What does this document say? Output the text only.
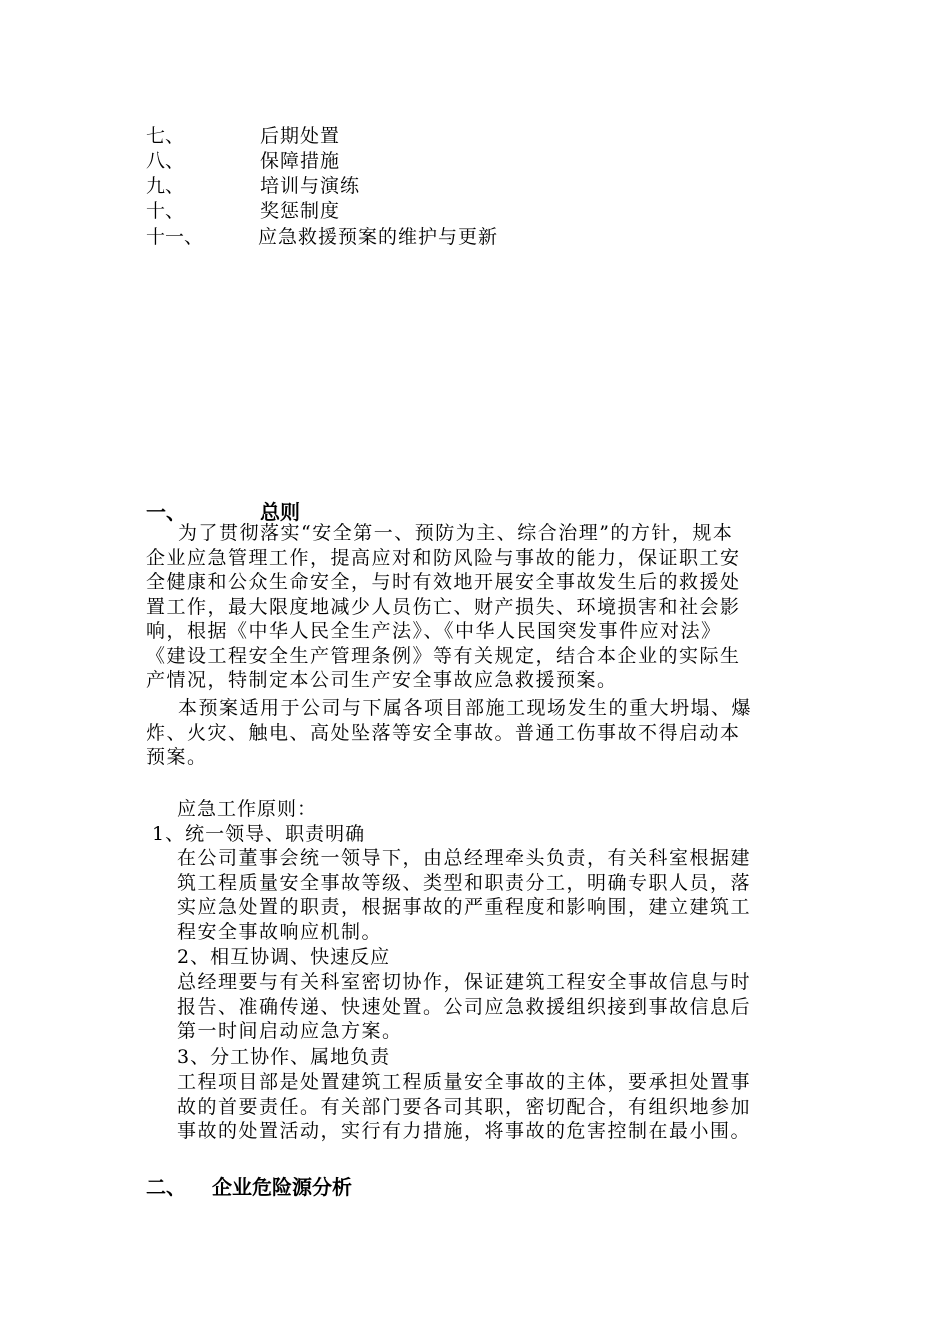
七、	后期处置
八、	保障措施
九、	培训与演练
十、	奖惩制度
十一、	应急救援预案的维护与更新
一、	总则
为了贯彻落实“安全第一、预防为主、综合治理”的方针，规本
企业应急管理工作，提高应对和防风险与事故的能力，保证职工安
全健康和公众生命安全，与时有效地开展安全事故发生后的救援处
置工作，最大限度地减少人员伤亡、财产损失、环境损害和社会影
响，根据《中华人民全生产法》、《中华人民国突发事件应对法》
《建设工程安全生产管理条例》等有关规定，结合本企业的实际生
产情况，特制定本公司生产安全事故应急救援预案。
本预案适用于公司与下属各项目部施工现场发生的重大坍塌、爆
炸、火灾、触电、高处坠落等安全事故。普通工伤事故不得启动本
预案。
应急工作原则：
1、统一领导、职责明确
在公司董事会统一领导下，由总经理牵头负责，有关科室根据建
筑工程质量安全事故等级、类型和职责分工，明确专职人员，落
实应急处置的职责，根据事故的严重程度和影响围，建立建筑工
程安全事故响应机制。
2、相互协调、快速反应
总经理要与有关科室密切协作，保证建筑工程安全事故信息与时
报告、准确传递、快速处置。公司应急救援组织接到事故信息后
第一时间启动应急方案。
3、分工协作、属地负责
工程项目部是处置建筑工程质量安全事故的主体，要承担处置事
故的首要责任。有关部门要各司其职，密切配合，有组织地参加
事故的处置活动，实行有力措施，将事故的危害控制在最小围。
二、 企业危险源分析
